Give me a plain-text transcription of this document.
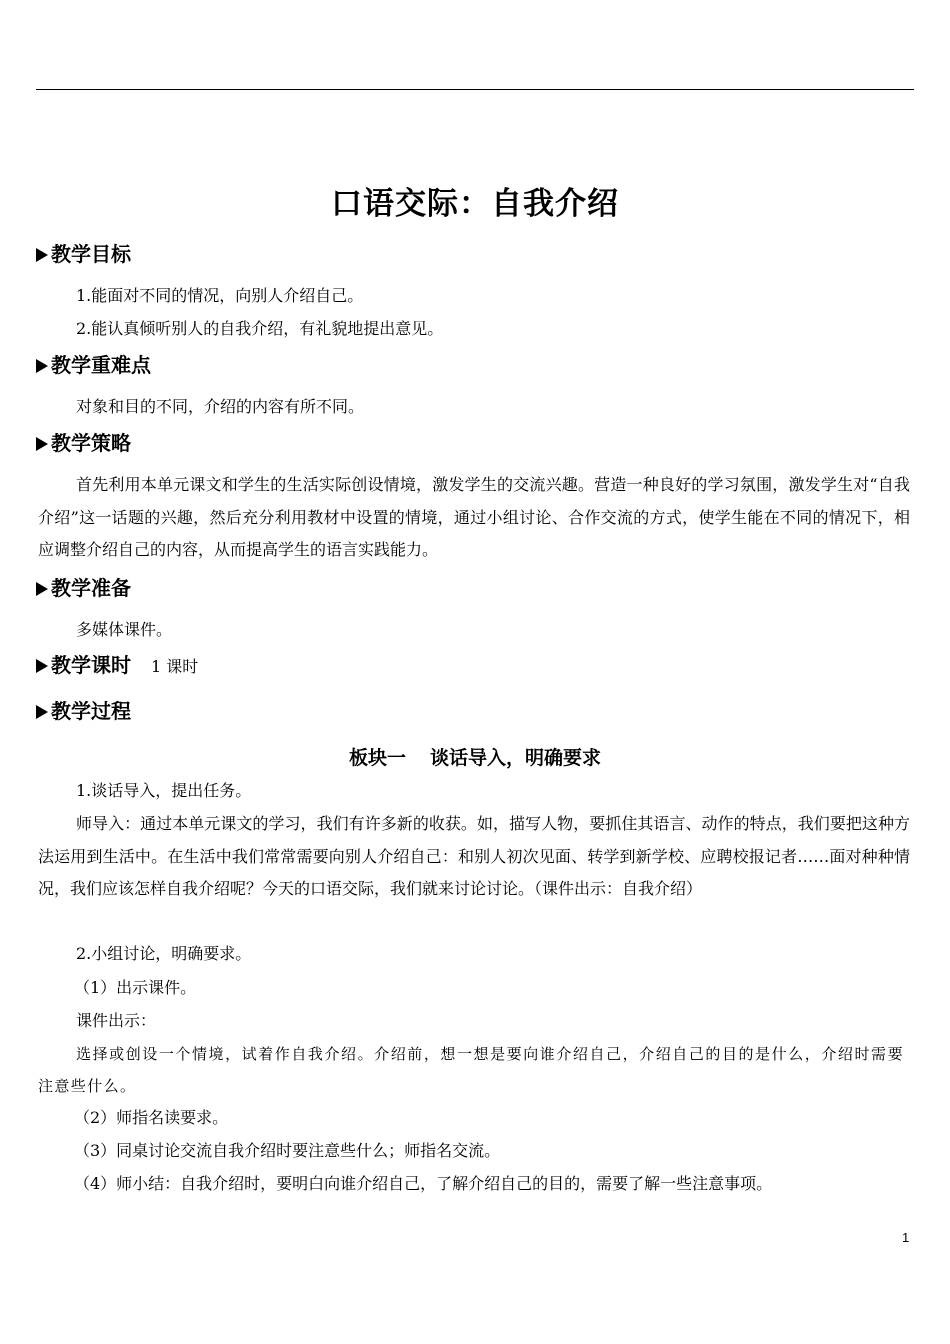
口语交际：自我介绍
教学目标
1.能面对不同的情况，向别人介绍自己。
2.能认真倾听别人的自我介绍，有礼貌地提出意见。
教学重难点
对象和目的不同，介绍的内容有所不同。
教学策略
首先利用本单元课文和学生的生活实际创设情境，激发学生的交流兴趣。营造一种良好的学习氛围，激发学生对“自我介绍”这一话题的兴趣，然后充分利用教材中设置的情境，通过小组讨论、合作交流的方式，使学生能在不同的情况下，相应调整介绍自己的内容，从而提高学生的语言实践能力。
教学准备
多媒体课件。
教学课时 1 课时
教学过程
板块一 谈话导入，明确要求
1.谈话导入，提出任务。
师导入：通过本单元课文的学习，我们有许多新的收获。如，描写人物，要抓住其语言、动作的特点，我们要把这种方法运用到生活中。在生活中我们常常需要向别人介绍自己：和别人初次见面、转学到新学校、应聘校报记者……面对种种情况，我们应该怎样自我介绍呢？今天的口语交际，我们就来讨论讨论。（课件出示：自我介绍）
2.小组讨论，明确要求。
（1）出示课件。
课件出示：
选择或创设一个情境，试着作自我介绍。介绍前，想一想是要向谁介绍自己，介绍自己的目的是什么，介绍时需要注意些什么。
（2）师指名读要求。
（3）同桌讨论交流自我介绍时要注意些什么；师指名交流。
（4）师小结：自我介绍时，要明白向谁介绍自己，了解介绍自己的目的，需要了解一些注意事项。
1
